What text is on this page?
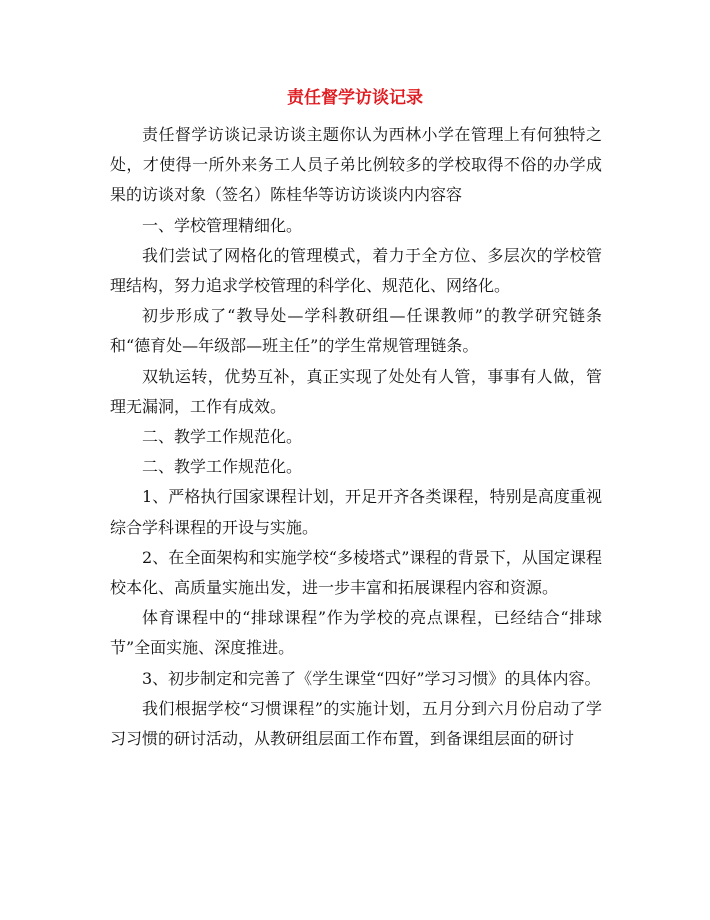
责任督学访谈记录

责任督学访谈记录访谈主题你认为西林小学在管理上有何独特之处，才使得一所外来务工人员子弟比例较多的学校取得不俗的办学成果的访谈对象（签名）陈桂华等访访谈谈内内容容

一、学校管理精细化。

我们尝试了网格化的管理模式，着力于全方位、多层次的学校管理结构，努力追求学校管理的科学化、规范化、网络化。

初步形成了“教导处—学科教研组—任课教师”的教学研究链条和“德育处—年级部—班主任”的学生常规管理链条。

双轨运转，优势互补，真正实现了处处有人管，事事有人做，管理无漏洞，工作有成效。

二、教学工作规范化。

二、教学工作规范化。

1、严格执行国家课程计划，开足开齐各类课程，特别是高度重视综合学科课程的开设与实施。

2、在全面架构和实施学校“多棱塔式”课程的背景下，从国定课程校本化、高质量实施出发，进一步丰富和拓展课程内容和资源。

体育课程中的“排球课程”作为学校的亮点课程，已经结合“排球节”全面实施、深度推进。

3、初步制定和完善了《学生课堂“四好”学习习惯》的具体内容。

我们根据学校“习惯课程”的实施计划，五月分到六月份启动了学习习惯的研讨活动，从教研组层面工作布置，到备课组层面的研讨
